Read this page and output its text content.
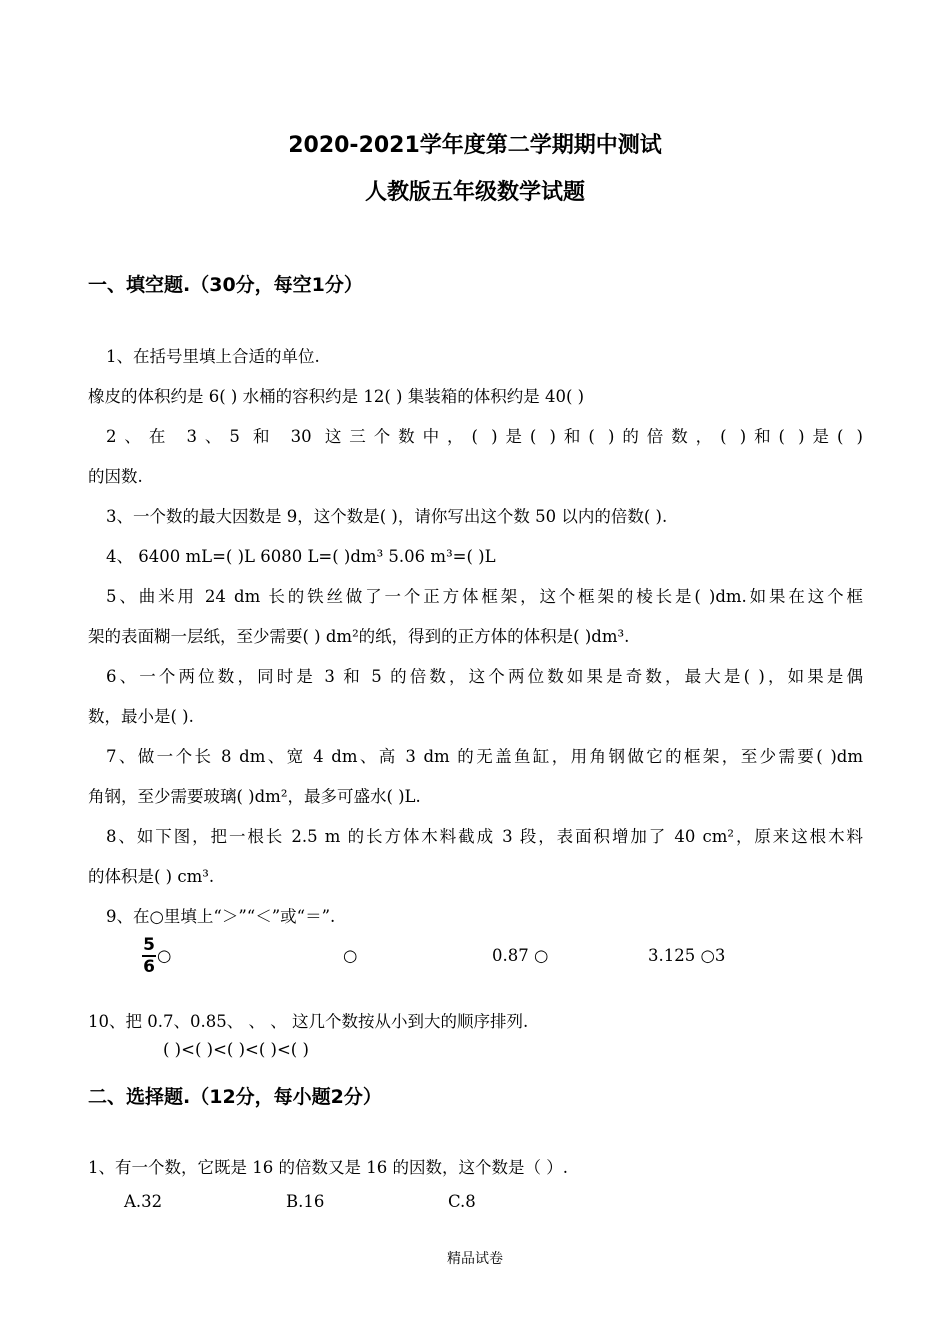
2020-2021学年度第二学期期中测试
人教版五年级数学试题
一、填空题.（30分，每空1分）
1、在括号里填上合适的单位.
橡皮的体积约是 6( ) 水桶的容积约是 12( ) 集装箱的体积约是 40( )
2、在 3、5 和 30 这三个数中，( )是( )和( )的倍数，( )和( )是( )
的因数.
3、一个数的最大因数是 9，这个数是( )，请你写出这个数 50 以内的倍数( ).
4、 6400 mL=( )L 6080 L=( )dm³ 5.06 m³=( )L
5、曲米用 24 dm 长的铁丝做了一个正方体框架，这个框架的棱长是( )dm.如果在这个框
架的表面糊一层纸，至少需要( ) dm²的纸，得到的正方体的体积是( )dm³.
6、一个两位数，同时是 3 和 5 的倍数，这个两位数如果是奇数，最大是( )，如果是偶
数，最小是( ).
7、做一个长 8 dm、宽 4 dm、高 3 dm 的无盖鱼缸，用角钢做它的框架，至少需要( )dm
角钢，至少需要玻璃( )dm²，最多可盛水( )L.
8、如下图，把一根长 2.5 m 的长方体木料截成 3 段，表面积增加了 40 cm²，原来这根木料
的体积是( ) cm³.
9、在○里填上“＞”“＜”或“＝”.
5
6
○	○	0.87 ○	3.125 ○3
10、把 0.7、0.85、 、 、 这几个数按从小到大的顺序排列.
( )<( )<( )<( )<( )
二、选择题.（12分，每小题2分）
1、有一个数，它既是 16 的倍数又是 16 的因数，这个数是（ ）.
A.32	B.16	C.8
精品试卷
